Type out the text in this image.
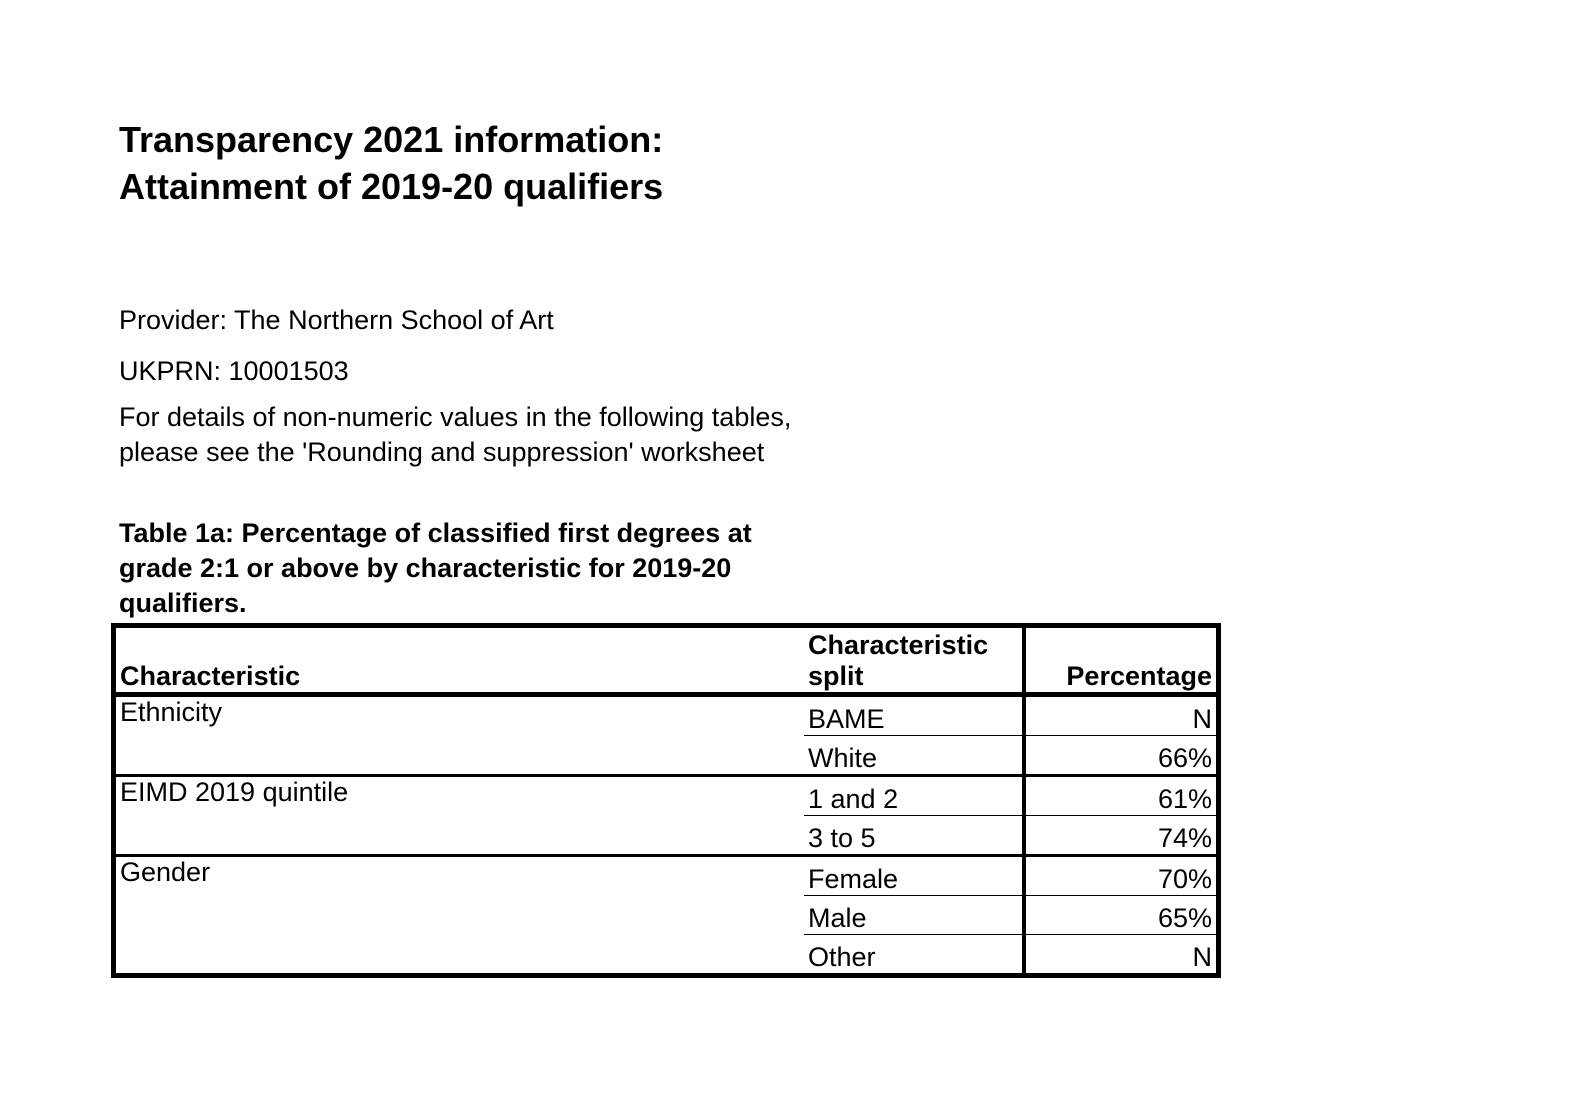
Transparency 2021 information:
Attainment of 2019-20 qualifiers

Provider: The Northern School of Art

UKPRN: 10001503

For details of non-numeric values in the following tables, please see the 'Rounding and suppression' worksheet

Table 1a: Percentage of classified first degrees at grade 2:1 or above by characteristic for 2019-20 qualifiers.

Characteristic	Characteristic split	Percentage
Ethnicity	BAME	N
	White	66%
EIMD 2019 quintile	1 and 2	61%
	3 to 5	74%
Gender	Female	70%
	Male	65%
	Other	N
